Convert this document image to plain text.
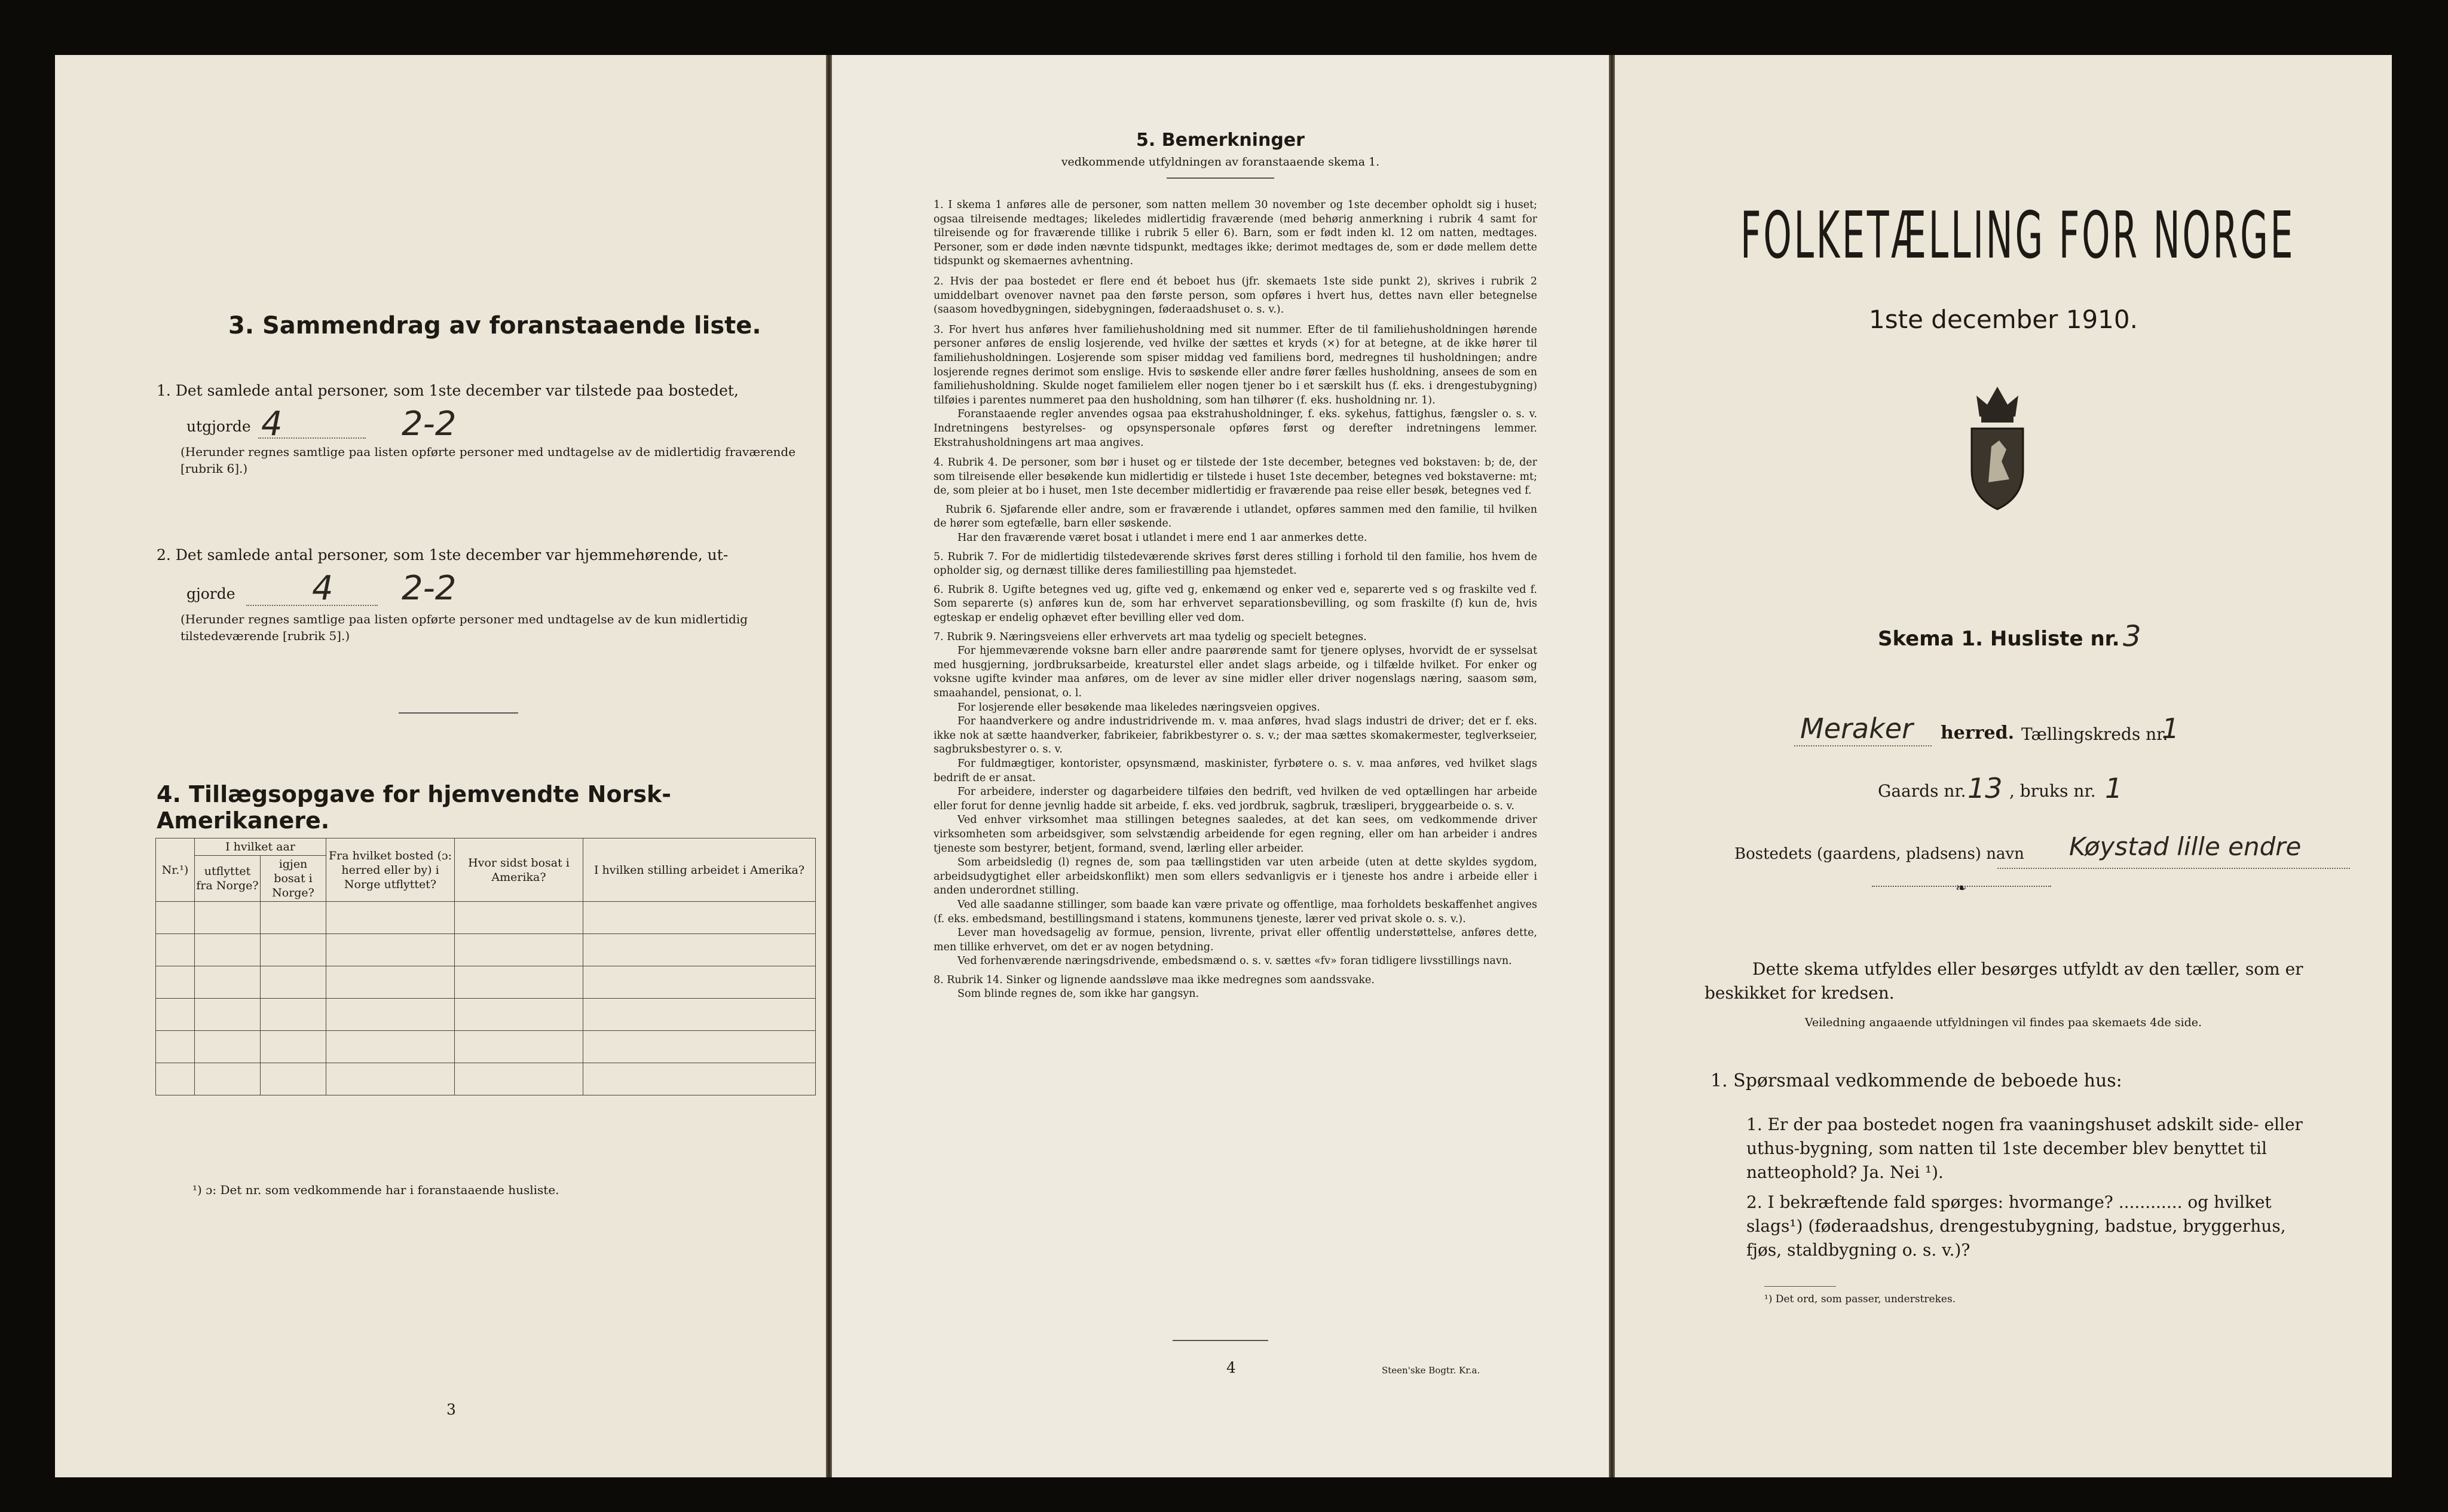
3. Sammendrag av foranstaaende liste.
1. Det samlede antal personer, som 1ste december var tilstede paa bostedet,
utgjorde 4	2-2
(Herunder regnes samtlige paa listen opførte personer med undtagelse av de midlertidig fraværende [rubrik 6].)
2. Det samlede antal personer, som 1ste december var hjemmehørende, ut-
gjorde 4 2-2
(Herunder regnes samtlige paa listen opførte personer med undtagelse av de kun midlertidig tilstedeværende [rubrik 5].)
4. Tillægsopgave for hjemvendte Norsk-Amerikanere.
Nr.¹)	I hvilket aar		Fra hvilket bosted (ɔ: herred eller by) i Norge utflyttet?	Hvor sidst bosat i Amerika?	I hvilken stilling arbeidet i Amerika?
	utflyttet fra Norge?	igjen bosat i Norge?			

¹) ɔ: Det nr. som vedkommende har i foranstaaende husliste.
3
5. Bemerkninger
vedkommende utfyldningen av foranstaaende skema 1.

1. I skema 1 anføres alle de personer, som natten mellem 30 november og 1ste december opholdt sig i huset; ogsaa tilreisende medtages; likeledes midlertidig fraværende (med behørig anmerkning i rubrik 4 samt for tilreisende og for fraværende tillike i rubrik 5 eller 6). Barn, som er født inden kl. 12 om natten, medtages. Personer, som er døde inden nævnte tidspunkt, medtages ikke; derimot medtages de, som er døde mellem dette tidspunkt og skemaernes avhentning.

2. Hvis der paa bostedet er flere end ét beboet hus (jfr. skemaets 1ste side punkt 2), skrives i rubrik 2 umiddelbart ovenover navnet paa den første person, som opføres i hvert hus, dettes navn eller betegnelse (saasom hovedbygningen, sidebygningen, føderaadshuset o. s. v.).

3. For hvert hus anføres hver familiehusholdning med sit nummer. Efter de til familiehusholdningen hørende personer anføres de enslig losjerende, ved hvilke der sættes et kryds (×) for at betegne, at de ikke hører til familiehusholdningen. Losjerende som spiser middag ved familiens bord, medregnes til husholdningen; andre losjerende regnes derimot som enslige. Hvis to søskende eller andre fører fælles husholdning, ansees de som en familiehusholdning. Skulde noget familielem eller nogen tjener bo i et særskilt hus (f. eks. i drengestubygning) tilføies i parentes nummeret paa den husholdning, som han tilhører (f. eks. husholdning nr. 1).

Foranstaaende regler anvendes ogsaa paa ekstrahusholdninger, f. eks. sykehus, fattighus, fængsler o. s. v. Indretningens bestyrelses- og opsynspersonale opføres først og derefter indretningens lemmer. Ekstrahusholdningens art maa angives.

4. Rubrik 4. De personer, som bør i huset og er tilstede der 1ste december, betegnes ved bokstaven: b; de, der som tilreisende eller besøkende kun midlertidig er tilstede i huset 1ste december, betegnes ved bokstaverne: mt; de, som pleier at bo i huset, men 1ste december midlertidig er fraværende paa reise eller besøk, betegnes ved f.

Rubrik 6. Sjøfarende eller andre, som er fraværende i utlandet, opføres sammen med den familie, til hvilken de hører som egtefælle, barn eller søskende.

Har den fraværende været bosat i utlandet i mere end 1 aar anmerkes dette.

5. Rubrik 7. For de midlertidig tilstedeværende skrives først deres stilling i forhold til den familie, hos hvem de opholder sig, og dernæst tillike deres familiestilling paa hjemstedet.

6. Rubrik 8. Ugifte betegnes ved ug, gifte ved g, enkemænd og enker ved e, separerte ved s og fraskilte ved f. Som separerte (s) anføres kun de, som har erhvervet separationsbevilling, og som fraskilte (f) kun de, hvis egteskap er endelig ophævet efter bevilling eller ved dom.

7. Rubrik 9. Næringsveiens eller erhvervets art maa tydelig og specielt betegnes.

For hjemmeværende voksne barn eller andre paarørende samt for tjenere oplyses, hvorvidt de er sysselsat med husgjerning, jordbruksarbeide, kreaturstel eller andet slags arbeide, og i tilfælde hvilket. For enker og voksne ugifte kvinder maa anføres, om de lever av sine midler eller driver nogenslags næring, saasom søm, smaahandel, pensionat, o. l.

For losjerende eller besøkende maa likeledes næringsveien opgives.

For haandverkere og andre industridrivende m. v. maa anføres, hvad slags industri de driver; det er f. eks. ikke nok at sætte haandverker, fabrikeier, fabrikbestyrer o. s. v.; der maa sættes skomakermester, teglverkseier, sagbruksbestyrer o. s. v.

For fuldmægtiger, kontorister, opsynsmænd, maskinister, fyrbøtere o. s. v. maa anføres, ved hvilket slags bedrift de er ansat.

For arbeidere, inderster og dagarbeidere tilføies den bedrift, ved hvilken de ved optællingen har arbeide eller forut for denne jevnlig hadde sit arbeide, f. eks. ved jordbruk, sagbruk, træsliperi, bryggearbeide o. s. v.

Ved enhver virksomhet maa stillingen betegnes saaledes, at det kan sees, om vedkommende driver virksomheten som arbeidsgiver, som selvstændig arbeidende for egen regning, eller om han arbeider i andres tjeneste som bestyrer, betjent, formand, svend, lærling eller arbeider.

Som arbeidsledig (l) regnes de, som paa tællingstiden var uten arbeide (uten at dette skyldes sygdom, arbeidsudygtighet eller arbeidskonflikt) men som ellers sedvanligvis er i tjeneste hos andre i arbeide eller i anden underordnet stilling.

Ved alle saadanne stillinger, som baade kan være private og offentlige, maa forholdets beskaffenhet angives (f. eks. embedsmand, bestillingsmand i statens, kommunens tjeneste, lærer ved privat skole o. s. v.).

Lever man hovedsagelig av formue, pension, livrente, privat eller offentlig understøttelse, anføres dette, men tillike erhvervet, om det er av nogen betydning.

Ved forhenværende næringsdrivende, embedsmænd o. s. v. sættes «fv» foran tidligere livsstillings navn.

8. Rubrik 14. Sinker og lignende aandssløve maa ikke medregnes som aandssvake.

Som blinde regnes de, som ikke har gangsyn.

4	Steen'ske Bogtr. Kr.a.
FOLKETÆLLING FOR NORGE
1ste december 1910.
Skema 1. Husliste nr. 3
Meraker herred. Tællingskreds nr.
1
Gaards nr. 13 , bruks nr. 1
Bostedets (gaardens, pladsens) navn Køystad lille endre
❧
Dette skema utfyldes eller besørges utfyldt av den tæller, som er beskikket for kredsen.
Veiledning angaaende utfyldningen vil findes paa skemaets 4de side.
1. Spørsmaal vedkommende de beboede hus:
1. Er der paa bostedet nogen fra vaaningshuset adskilt side- eller uthus-bygning, som natten til 1ste december blev benyttet til natteophold? Ja. Nei ¹).
2. I bekræftende fald spørges: hvormange? ............ og hvilket slags¹) (føderaadshus, drengestubygning, badstue, bryggerhus, fjøs, staldbygning o. s. v.)?
¹) Det ord, som passer, understrekes.
